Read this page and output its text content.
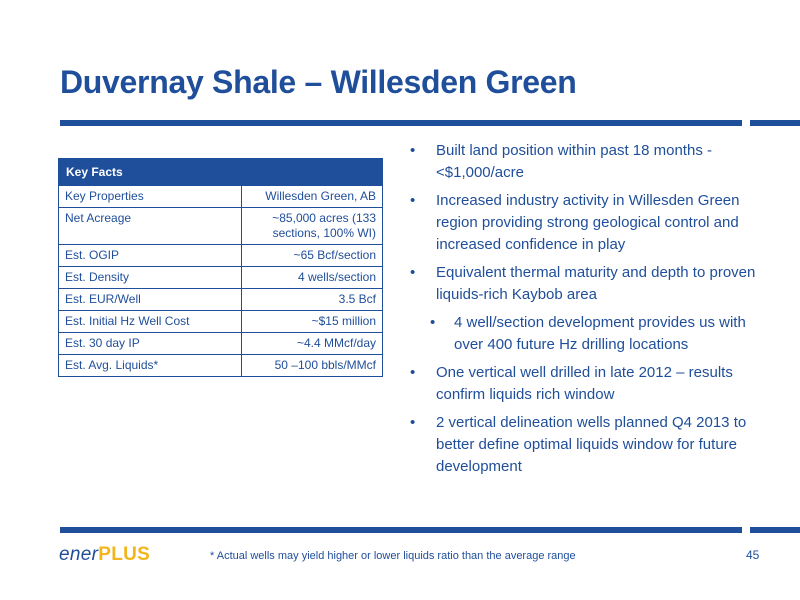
Duvernay Shale – Willesden Green
Key Facts	
Key Properties	Willesden Green, AB
Net Acreage	~85,000 acres (133 sections, 100% WI)
Est. OGIP	~65 Bcf/section
Est. Density	4 wells/section
Est. EUR/Well	3.5 Bcf
Est. Initial Hz Well Cost	~$15 million
Est. 30 day IP	~4.4 MMcf/day
Est. Avg. Liquids*	50 –100 bbls/MMcf
• Built land position within past 18 months - <$1,000/acre
• Increased industry activity in Willesden Green region providing strong geological control and increased confidence in play
• Equivalent thermal maturity and depth to proven liquids-rich Kaybob area
• 4 well/section development provides us with over 400 future Hz drilling locations
• One vertical well drilled in late 2012 – results confirm liquids rich window
• 2 vertical delineation wells planned Q4 2013 to better define optimal liquids window for future development
enerPLUS	* Actual wells may yield higher or lower liquids ratio than the average range	45
